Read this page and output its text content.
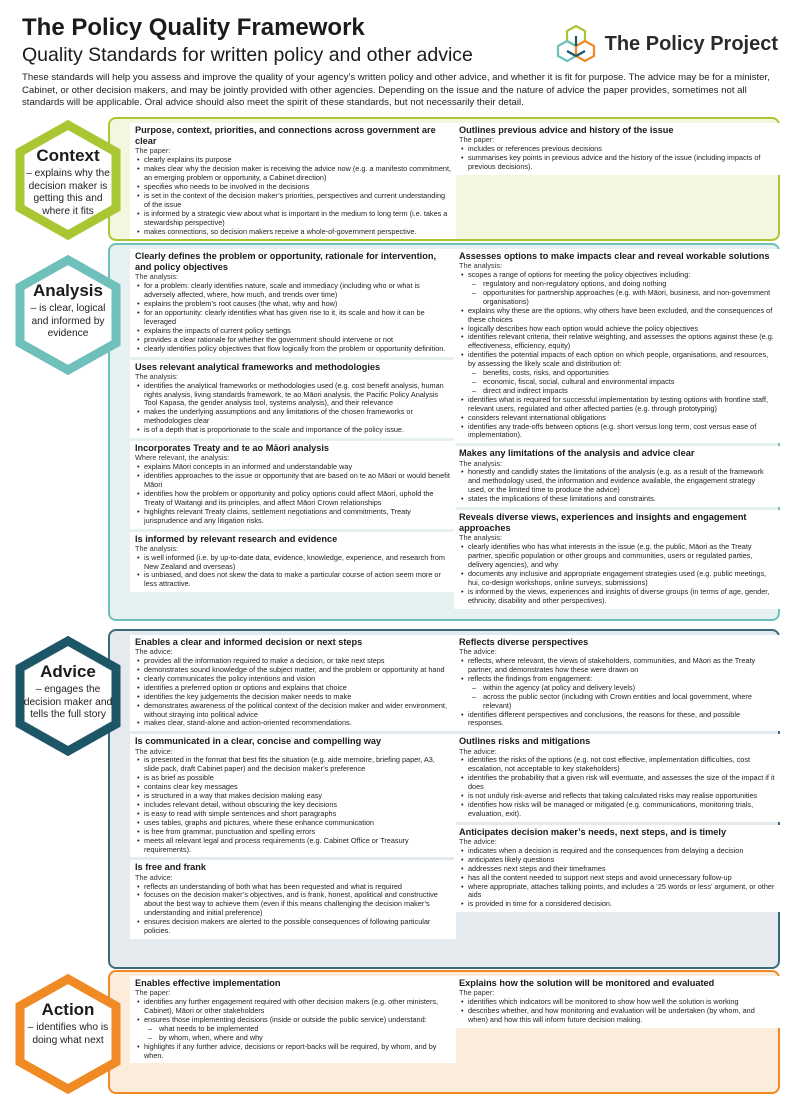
The Policy Quality Framework
Quality Standards for written policy and other advice
These standards will help you assess and improve the quality of your agency’s written policy and other advice, and whether it is fit for purpose. The advice may be for a minister, Cabinet, or other decision makers, and may be jointly provided with other agencies. Depending on the issue and the nature of advice the paper provides, sometimes not all standards will be applicable. Oral advice should also meet the spirit of these standards, but not necessarily their detail.
The Policy Project
Purpose, context, priorities, and connections across government are clear
The paper:
• clearly explains its purpose
• makes clear why the decision maker is receiving the advice now (e.g. a manifesto commitment, an emerging problem or opportunity, a Cabinet direction)
• specifies who needs to be involved in the decisions
• is set in the context of the decision maker’s priorities, perspectives and current understanding of the issue
• is informed by a strategic view about what is important in the medium to long term (i.e. takes a stewardship perspective)
• makes connections, so decision makers receive a whole-of-government perspective.
Outlines previous advice and history of the issue
The paper:
• includes or references previous decisions
• summarises key points in previous advice and the history of the issue (including impacts of previous decisions).
Clearly defines the problem or opportunity, rationale for intervention, and policy objectives
The analysis:
• for a problem: clearly identifies nature, scale and immediacy (including who or what is adversely affected, where, how much, and trends over time)
• explains the problem’s root causes (the what, why and how)
• for an opportunity: clearly identifies what has given rise to it, its scale and how it can be leveraged
• explains the impacts of current policy settings
• provides a clear rationale for whether the government should intervene or not
• clearly identifies policy objectives that flow logically from the problem or opportunity definition.
Uses relevant analytical frameworks and methodologies
The analysis:
• identifies the analytical frameworks or methodologies used (e.g. cost benefit analysis, human rights analysis, living standards framework, te ao Māori analysis, the Pacific Policy Analysis Tool Kapasa, the gender analysis tool, systems analysis), and their relevance
• makes the underlying assumptions and any limitations of the chosen frameworks or methodologies clear
• is of a depth that is proportionate to the scale and importance of the policy issue.
Incorporates Treaty and te ao Māori analysis
Where relevant, the analysis:
• explains Māori concepts in an informed and understandable way
• identifies approaches to the issue or opportunity that are based on te ao Māori or would benefit Māori
• identifies how the problem or opportunity and policy options could affect Māori, uphold the Treaty of Waitangi and its principles, and affect Māori Crown relationships
• highlights relevant Treaty claims, settlement negotiations and commitments, Treaty jurisprudence and any litigation risks.
Is informed by relevant research and evidence
The analysis:
• is well informed (i.e. by up-to-date data, evidence, knowledge, experience, and research from New Zealand and overseas)
• is unbiased, and does not skew the data to make a particular course of action seem more or less attractive.
Assesses options to make impacts clear and reveal workable solutions
The analysis:
• scopes a range of options for meeting the policy objectives including:
– regulatory and non-regulatory options, and doing nothing
– opportunities for partnership approaches (e.g. with Māori, business, and non-government organisations)
• explains why these are the options, why others have been excluded, and the consequences of these choices
• logically describes how each option would achieve the policy objectives
• identifies relevant criteria, their relative weighting, and assesses the options against these (e.g. effectiveness, efficiency, equity)
• identifies the potential impacts of each option on which people, organisations, and resources, by assessing the likely scale and distribution of:
– benefits, costs, risks, and opportunities
– economic, fiscal, social, cultural and environmental impacts
– direct and indirect impacts
• identifies what is required for successful implementation by testing options with frontline staff, relevant users, regulated and other affected parties (e.g. through prototyping)
• considers relevant international obligations
• identifies any trade-offs between options (e.g. short versus long term, cost versus ease of implementation).
Makes any limitations of the analysis and advice clear
The analysis:
• honestly and candidly states the limitations of the analysis (e.g. as a result of the framework and methodology used, the information and evidence available, the engagement strategy used, or the limited time to produce the advice)
• states the implications of these limitations and constraints.
Reveals diverse views, experiences and insights and engagement approaches
The analysis:
• clearly identifies who has what interests in the issue (e.g. the public, Māori as the Treaty partner, specific population or other groups and communities, users or regulated parties, delivery agencies), and why
• documents any inclusive and appropriate engagement strategies used (e.g. public meetings, hui, co-design workshops, online surveys, submissions)
• is informed by the views, experiences and insights of diverse groups (in terms of age, gender, ethnicity, disability and other perspectives).
Enables a clear and informed decision or next steps
The advice:
• provides all the information required to make a decision, or take next steps
• demonstrates sound knowledge of the subject matter, and the problem or opportunity at hand
• clearly communicates the policy intentions and vision
• identifies a preferred option or options and explains that choice
• identifies the key judgements the decision maker needs to make
• demonstrates awareness of the political context of the decision maker and wider environment, without straying into political advice
• makes clear, stand-alone and action-oriented recommendations.
Is communicated in a clear, concise and compelling way
The advice:
• is presented in the format that best fits the situation (e.g. aide memoire, briefing paper, A3, slide pack, draft Cabinet paper) and the decision maker’s preference
• is as brief as possible
• contains clear key messages
• is structured in a way that makes decision making easy
• includes relevant detail, without obscuring the key decisions
• is easy to read with simple sentences and short paragraphs
• uses tables, graphs and pictures, where these enhance communication
• is free from grammar, punctuation and spelling errors
• meets all relevant legal and process requirements (e.g. Cabinet Office or Treasury requirements).
Is free and frank
The advice:
• reflects an understanding of both what has been requested and what is required
• focuses on the decision maker’s objectives, and is frank, honest, apolitical and constructive about the best way to achieve them (even if this means challenging the decision maker’s understanding and initial preference)
• ensures decision makers are alerted to the possible consequences of following particular policies.
Reflects diverse perspectives
The advice:
• reflects, where relevant, the views of stakeholders, communities, and Māori as the Treaty partner, and demonstrates how these were drawn on
• reflects the findings from engagement:
– within the agency (at policy and delivery levels)
– across the public sector (including with Crown entities and local government, where relevant)
• identifies different perspectives and conclusions, the reasons for these, and possible responses.
Outlines risks and mitigations
The advice:
• identifies the risks of the options (e.g. not cost effective, implementation difficulties, cost escalation, not acceptable to key stakeholders)
• identifies the probability that a given risk will eventuate, and assesses the size of the impact if it does
• is not unduly risk-averse and reflects that taking calculated risks may realise opportunities
• identifies how risks will be managed or mitigated (e.g. communications, monitoring trials, evaluation, exit).
Anticipates decision maker’s needs, next steps, and is timely
The advice:
• indicates when a decision is required and the consequences from delaying a decision
• anticipates likely questions
• addresses next steps and their timeframes
• has all the content needed to support next steps and avoid unnecessary follow-up
• where appropriate, attaches talking points, and includes a ‘25 words or less’ argument, or other aids
• is provided in time for a considered decision.
Enables effective implementation
The paper:
• identifies any further engagement required with other decision makers (e.g. other ministers, Cabinet), Māori or other stakeholders
• ensures those implementing decisions (inside or outside the public service) understand:
– what needs to be implemented
– by whom, when, where and why
• highlights if any further advice, decisions or report-backs will be required, by whom, and by when.
Explains how the solution will be monitored and evaluated
The paper:
• identifies which indicators will be monitored to show how well the solution is working
• describes whether, and how monitoring and evaluation will be undertaken (by whom, and when) and how this will inform future decision making.
Context
– explains why the decision maker is getting this and where it fits
Analysis
– is clear, logical and informed by evidence
Advice
– engages the decision maker and tells the full story
Action
– identifies who is doing what next
